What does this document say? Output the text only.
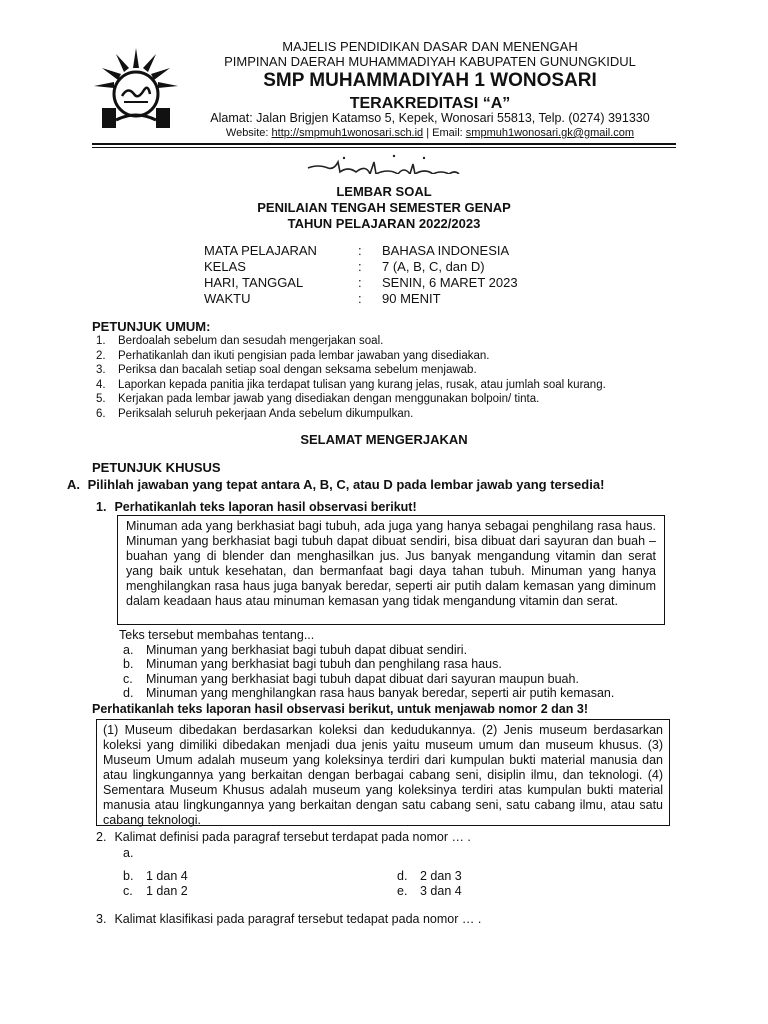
MAJELIS PENDIDIKAN DASAR DAN MENENGAH
PIMPINAN DAERAH MUHAMMADIYAH KABUPATEN GUNUNGKIDUL
SMP MUHAMMADIYAH 1 WONOSARI
TERAKREDITASI “A”
Alamat: Jalan Brigjen Katamso 5, Kepek, Wonosari 55813, Telp. (0274) 391330
Website: http://smpmuh1wonosari.sch.id | Email: smpmuh1wonosari.gk@gmail.com
LEMBAR SOAL
PENILAIAN TENGAH SEMESTER GENAP
TAHUN PELAJARAN 2022/2023
MATA PELAJARAN	: BAHASA INDONESIA
KELAS	: 7 (A, B, C, dan D)
HARI, TANGGAL	: SENIN, 6 MARET 2023
WAKTU	: 90 MENIT
PETUNJUK UMUM:
1. Berdoalah sebelum dan sesudah mengerjakan soal.
2. Perhatikanlah dan ikuti pengisian pada lembar jawaban yang disediakan.
3. Periksa dan bacalah setiap soal dengan seksama sebelum menjawab.
4. Laporkan kepada panitia jika terdapat tulisan yang kurang jelas, rusak, atau jumlah soal kurang.
5. Kerjakan pada lembar jawab yang disediakan dengan menggunakan bolpoin/ tinta.
6. Periksalah seluruh pekerjaan Anda sebelum dikumpulkan.
SELAMAT MENGERJAKAN
PETUNJUK KHUSUS
A. Pilihlah jawaban yang tepat antara A, B, C, atau D pada lembar jawab yang tersedia!
1. Perhatikanlah teks laporan hasil observasi berikut!

Minuman ada yang berkhasiat bagi tubuh, ada juga yang hanya sebagai penghilang rasa haus. Minuman yang berkhasiat bagi tubuh dapat dibuat sendiri, bisa dibuat dari sayuran dan buah – buahan yang di blender dan menghasilkan jus. Jus banyak mengandung vitamin dan serat yang baik untuk kesehatan, dan bermanfaat bagi daya tahan tubuh. Minuman yang hanya menghilangkan rasa haus juga banyak beredar, seperti air putih dalam kemasan yang diminum dalam keadaan haus atau minuman kemasan yang tidak mengandung vitamin dan serat.

Teks tersebut membahas tentang...
a. Minuman yang berkhasiat bagi tubuh dapat dibuat sendiri.
b. Minuman yang berkhasiat bagi tubuh dan penghilang rasa haus.
c. Minuman yang berkhasiat bagi tubuh dapat dibuat dari sayuran maupun buah.
d. Minuman yang menghilangkan rasa haus banyak beredar, seperti air putih kemasan.
Perhatikanlah teks laporan hasil observasi berikut, untuk menjawab nomor 2 dan 3!

(1) Museum dibedakan berdasarkan koleksi dan kedudukannya. (2) Jenis museum berdasarkan koleksi yang dimiliki dibedakan menjadi dua jenis yaitu museum umum dan museum khusus. (3) Museum Umum adalah museum yang koleksinya terdiri dari kumpulan bukti material manusia dan atau lingkungannya yang berkaitan dengan berbagai cabang seni, disiplin ilmu, dan teknologi. (4) Sementara Museum Khusus adalah museum yang koleksinya terdiri atas kumpulan bukti material manusia atau lingkungannya yang berkaitan dengan satu cabang seni, satu cabang ilmu, atau satu cabang teknologi.

2. Kalimat definisi pada paragraf tersebut terdapat pada nomor … .
a.
b. 1 dan 4
c. 1 dan 2
d. 2 dan 3
e. 3 dan 4
3. Kalimat klasifikasi pada paragraf tersebut tedapat pada nomor … .
